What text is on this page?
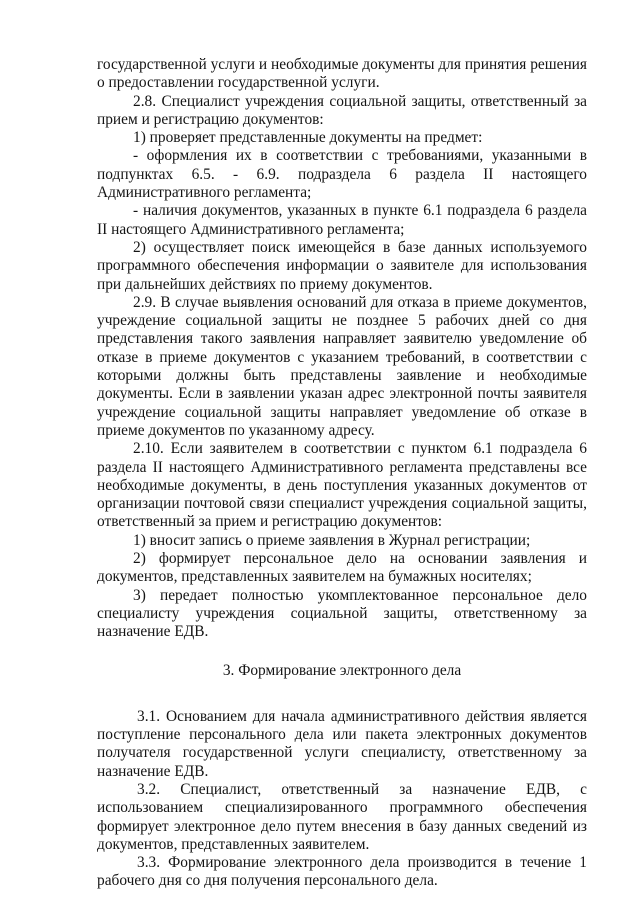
государственной услуги и необходимые документы для принятия решения о предоставлении государственной услуги.

2.8. Специалист учреждения социальной защиты, ответственный за прием и регистрацию документов:

1) проверяет представленные документы на предмет:

- оформления их в соответствии с требованиями, указанными в подпунктах 6.5. - 6.9. подраздела 6 раздела II настоящего Административного регламента;

- наличия документов, указанных в пункте 6.1 подраздела 6 раздела II настоящего Административного регламента;

2) осуществляет поиск имеющейся в базе данных используемого программного обеспечения информации о заявителе для использования при дальнейших действиях по приему документов.

2.9. В случае выявления оснований для отказа в приеме документов, учреждение социальной защиты не позднее 5 рабочих дней со дня представления такого заявления направляет заявителю уведомление об отказе в приеме документов с указанием требований, в соответствии с которыми должны быть представлены заявление и необходимые документы. Если в заявлении указан адрес электронной почты заявителя учреждение социальной защиты направляет уведомление об отказе в приеме документов по указанному адресу.

2.10. Если заявителем в соответствии с пунктом 6.1 подраздела 6 раздела II настоящего Административного регламента представлены все необходимые документы, в день поступления указанных документов от организации почтовой связи специалист учреждения социальной защиты, ответственный за прием и регистрацию документов:

1) вносит запись о приеме заявления в Журнал регистрации;

2) формирует персональное дело на основании заявления и документов, представленных заявителем на бумажных носителях;

3) передает полностью укомплектованное персональное дело специалисту учреждения социальной защиты, ответственному за назначение ЕДВ.

3. Формирование электронного дела

3.1. Основанием для начала административного действия является поступление персонального дела или пакета электронных документов получателя государственной услуги специалисту, ответственному за назначение ЕДВ.

3.2. Специалист, ответственный за назначение ЕДВ, с использованием специализированного программного обеспечения формирует электронное дело путем внесения в базу данных сведений из документов, представленных заявителем.

3.3. Формирование электронного дела производится в течение 1 рабочего дня со дня получения персонального дела.
